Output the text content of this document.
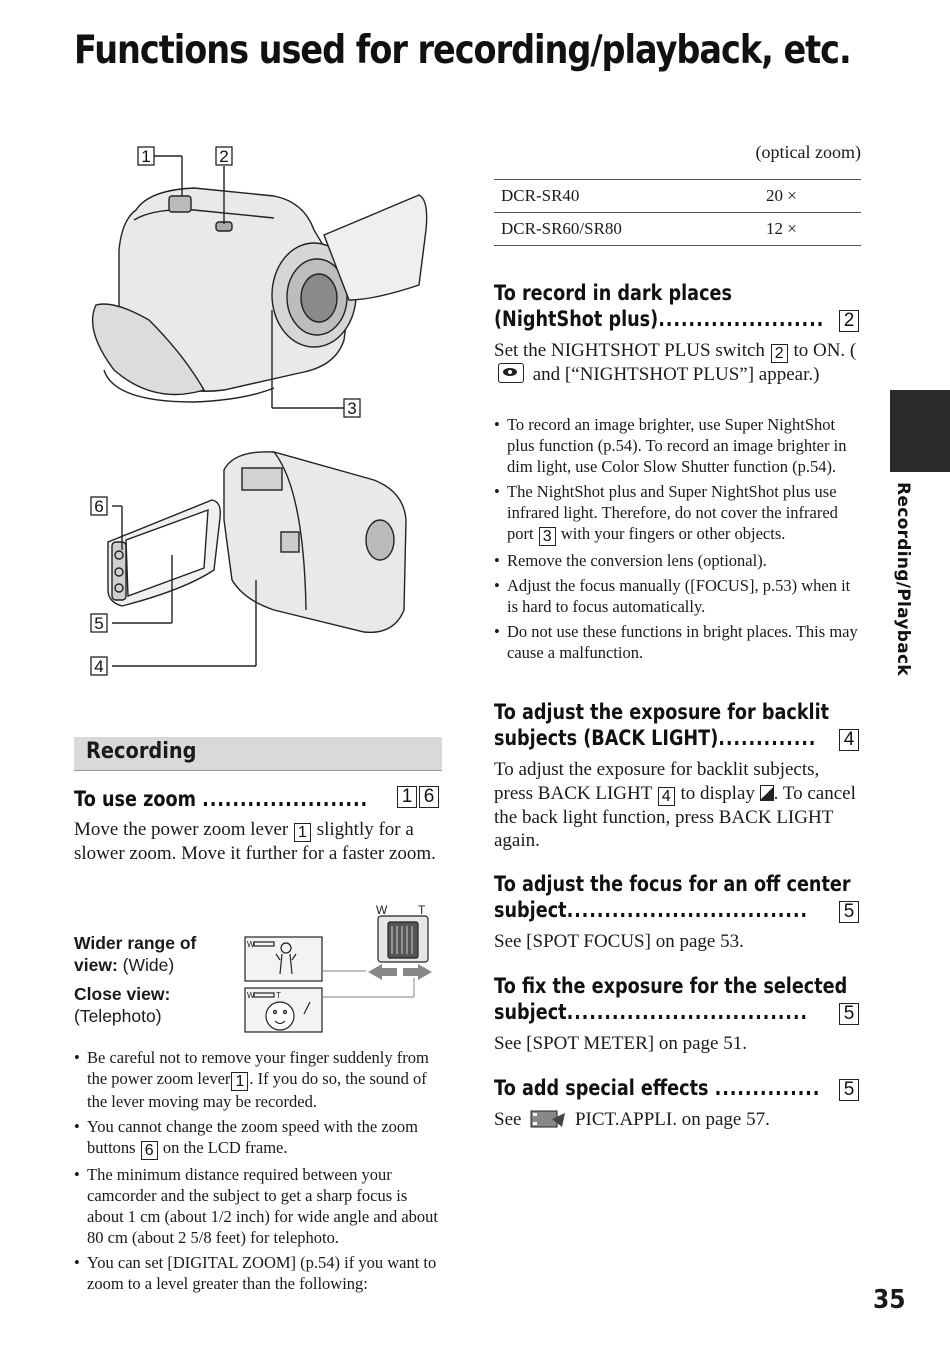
Functions used for recording/playback, etc.
Recording/Playback
1	2
3
6
5
4
Recording
To use zoom ......................	1 6
Move the power zoom lever 1 slightly for a slower zoom. Move it further for a faster zoom.
Wider range of view: (Wide)
Close view:
(Telephoto)
W	T
W
W	T
• Be careful not to remove your finger suddenly from the power zoom lever 1 . If you do so, the sound of the lever moving may be recorded.
• You cannot change the zoom speed with the zoom buttons 6 on the LCD frame.
• The minimum distance required between your camcorder and the subject to get a sharp focus is about 1 cm (about 1/2 inch) for wide angle and about 80 cm (about 2 5/8 feet) for telephoto.
• You can set [DIGITAL ZOOM] (p.54) if you want to zoom to a level greater than the following:
(optical zoom)
DCR-SR40	20 ×
DCR-SR60/SR80	12 ×
To record in dark places
(NightShot plus)......................	2
Set the NIGHTSHOT PLUS switch 2 to ON. (
and [“NIGHTSHOT PLUS”] appear.)
• To record an image brighter, use Super NightShot plus function (p.54). To record an image brighter in dim light, use Color Slow Shutter function (p.54).
• The NightShot plus and Super NightShot plus use infrared light. Therefore, do not cover the infrared port 3 with your fingers or other objects.
• Remove the conversion lens (optional).
• Adjust the focus manually ([FOCUS], p.53) when it is hard to focus automatically.
• Do not use these functions in bright places. This may cause a malfunction.
To adjust the exposure for backlit
subjects (BACK LIGHT).............	4
To adjust the exposure for backlit subjects, press BACK LIGHT 4 to display . To cancel the back light function, press BACK LIGHT again.
To adjust the focus for an off center
subject................................	5
See [SPOT FOCUS] on page 53.
To fix the exposure for the selected
subject................................	5
See [SPOT METER] on page 51.
To add special effects ..............	5
See	PICT.APPLI. on page 57.
35
